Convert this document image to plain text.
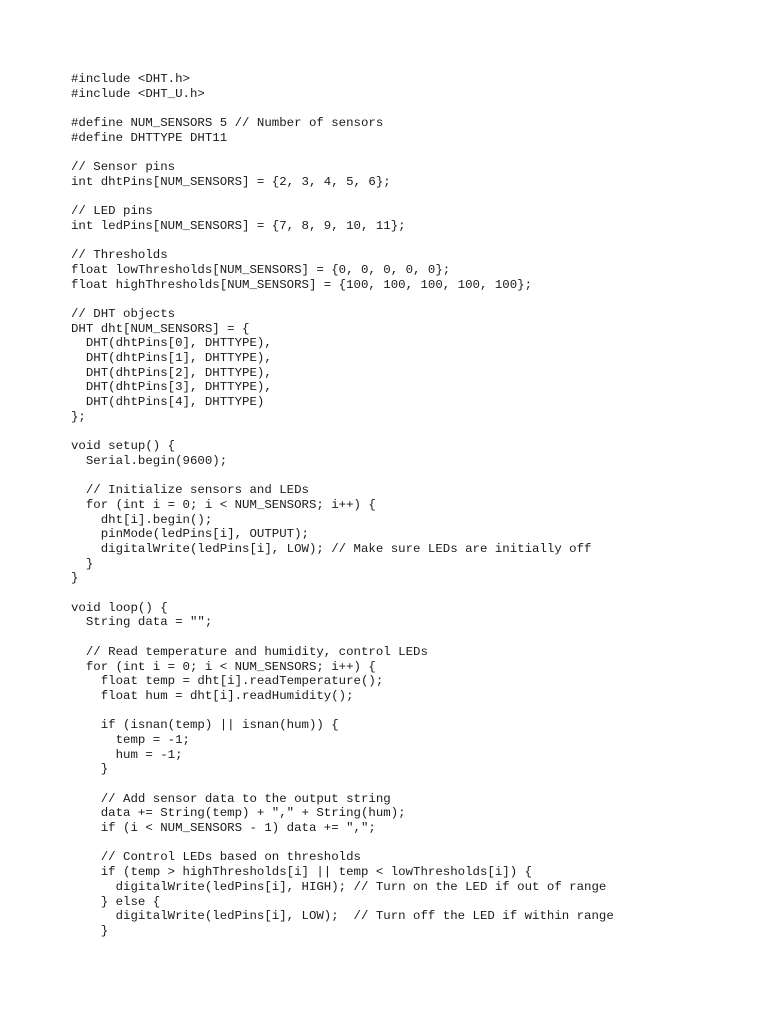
#include <DHT.h>
#include <DHT_U.h>
#define NUM_SENSORS 5 // Number of sensors
#define DHTTYPE DHT11
// Sensor pins
int dhtPins[NUM_SENSORS] = {2, 3, 4, 5, 6};
// LED pins
int ledPins[NUM_SENSORS] = {7, 8, 9, 10, 11};
// Thresholds
float lowThresholds[NUM_SENSORS] = {0, 0, 0, 0, 0};
float highThresholds[NUM_SENSORS] = {100, 100, 100, 100, 100};
// DHT objects
DHT dht[NUM_SENSORS] = {
DHT(dhtPins[0], DHTTYPE),
DHT(dhtPins[1], DHTTYPE),
DHT(dhtPins[2], DHTTYPE),
DHT(dhtPins[3], DHTTYPE),
DHT(dhtPins[4], DHTTYPE)
};
void setup() {
Serial.begin(9600);
// Initialize sensors and LEDs
for (int i = 0; i < NUM_SENSORS; i++) {
dht[i].begin();
pinMode(ledPins[i], OUTPUT);
digitalWrite(ledPins[i], LOW); // Make sure LEDs are initially off
}
}
void loop() {
String data = "";
// Read temperature and humidity, control LEDs
for (int i = 0; i < NUM_SENSORS; i++) {
float temp = dht[i].readTemperature();
float hum = dht[i].readHumidity();
if (isnan(temp) || isnan(hum)) {
temp = -1;
hum = -1;
}
// Add sensor data to the output string
data += String(temp) + "," + String(hum);
if (i < NUM_SENSORS - 1) data += ",";
// Control LEDs based on thresholds
if (temp > highThresholds[i] || temp < lowThresholds[i]) {
digitalWrite(ledPins[i], HIGH); // Turn on the LED if out of range
} else {
digitalWrite(ledPins[i], LOW);  // Turn off the LED if within range
}
